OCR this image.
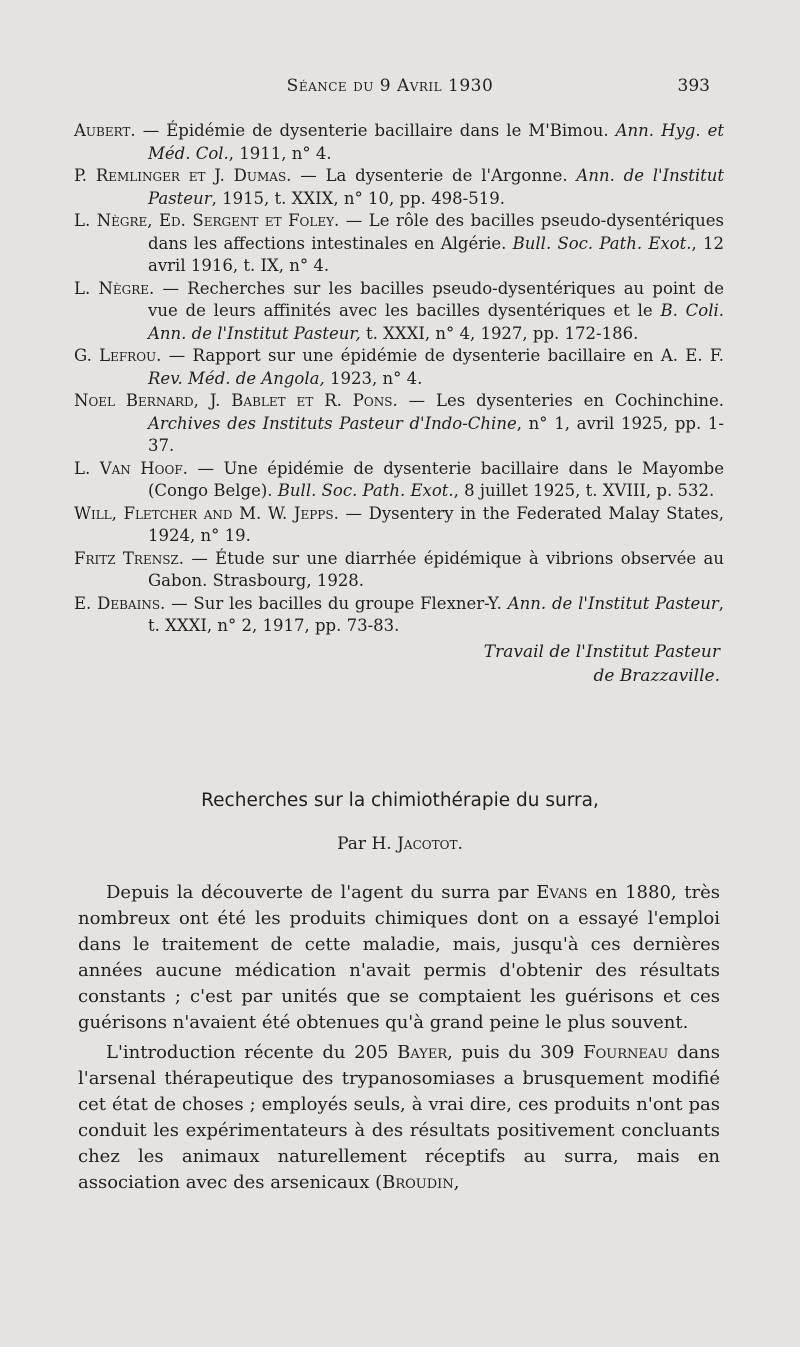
Séance du 9 Avril 1930	393

Aubert. — Épidémie de dysenterie bacillaire dans le M'Bimou. Ann. Hyg. et Méd. Col., 1911, n° 4.

P. Remlinger et J. Dumas. — La dysenterie de l'Argonne. Ann. de l'Institut Pasteur, 1915, t. XXIX, n° 10, pp. 498-519.

L. Nègre, Ed. Sergent et Foley. — Le rôle des bacilles pseudo-dysentériques dans les affections intestinales en Algérie. Bull. Soc. Path. Exot., 12 avril 1916, t. IX, n° 4.

L. Nègre. — Recherches sur les bacilles pseudo-dysentériques au point de vue de leurs affinités avec les bacilles dysentériques et le B. Coli. Ann. de l'Institut Pasteur, t. XXXI, n° 4, 1927, pp. 172-186.

G. Lefrou. — Rapport sur une épidémie de dysenterie bacillaire en A. E. F. Rev. Méd. de Angola, 1923, n° 4.

Noel Bernard, J. Bablet et R. Pons. — Les dysenteries en Cochinchine. Archives des Instituts Pasteur d'Indo-Chine, n° 1, avril 1925, pp. 1-37.

L. Van Hoof. — Une épidémie de dysenterie bacillaire dans le Mayombe (Congo Belge). Bull. Soc. Path. Exot., 8 juillet 1925, t. XVIII, p. 532.

Will, Fletcher and M. W. Jepps. — Dysentery in the Federated Malay States, 1924, n° 19.

Fritz Trensz. — Étude sur une diarrhée épidémique à vibrions observée au Gabon. Strasbourg, 1928.

E. Debains. — Sur les bacilles du groupe Flexner-Y. Ann. de l'Institut Pasteur, t. XXXI, n° 2, 1917, pp. 73-83.

Travail de l'Institut Pasteur
de Brazzaville.
Recherches sur la chimiothérapie du surra,
Par H. Jacotot.

Depuis la découverte de l'agent du surra par Evans en 1880, très nombreux ont été les produits chimiques dont on a essayé l'emploi dans le traitement de cette maladie, mais, jusqu'à ces dernières années aucune médication n'avait permis d'obtenir des résultats constants ; c'est par unités que se comptaient les guérisons et ces guérisons n'avaient été obtenues qu'à grand peine le plus souvent.

L'introduction récente du 205 Bayer, puis du 309 Fourneau dans l'arsenal thérapeutique des trypanosomiases a brusquement modifié cet état de choses ; employés seuls, à vrai dire, ces produits n'ont pas conduit les expérimentateurs à des résultats positivement concluants chez les animaux naturellement réceptifs au surra, mais en association avec des arsenicaux (Broudin,
